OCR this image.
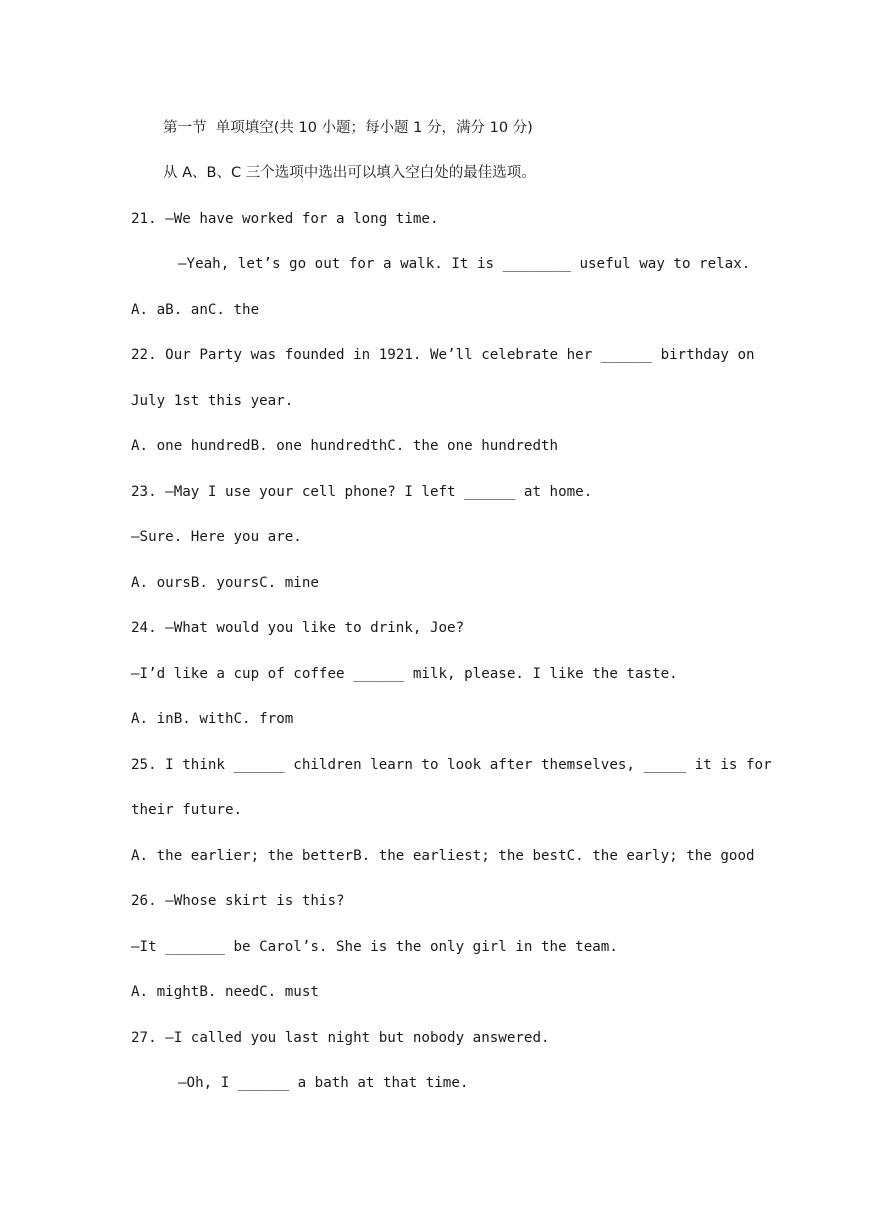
第一节  单项填空(共 10 小题；每小题 1 分，满分 10 分)
从 A、B、C 三个选项中选出可以填入空白处的最佳选项。
21. —We have worked for a long time.
—Yeah, let’s go out for a walk. It is ________ useful way to relax.
A. aB. anC. the
22. Our Party was founded in 1921. We’ll celebrate her ______ birthday on
July 1st this year.
A. one hundredB. one hundredthC. the one hundredth
23. —May I use your cell phone? I left ______ at home.
—Sure. Here you are.
A. oursB. yoursC. mine
24. —What would you like to drink, Joe?
—I’d like a cup of coffee ______ milk, please. I like the taste.
A. inB. withC. from
25. I think ______ children learn to look after themselves, _____ it is for
their future.
A. the earlier; the betterB. the earliest; the bestC. the early; the good
26. —Whose skirt is this?
—It _______ be Carol’s. She is the only girl in the team.
A. mightB. needC. must
27. —I called you last night but nobody answered.
—Oh, I ______ a bath at that time.
